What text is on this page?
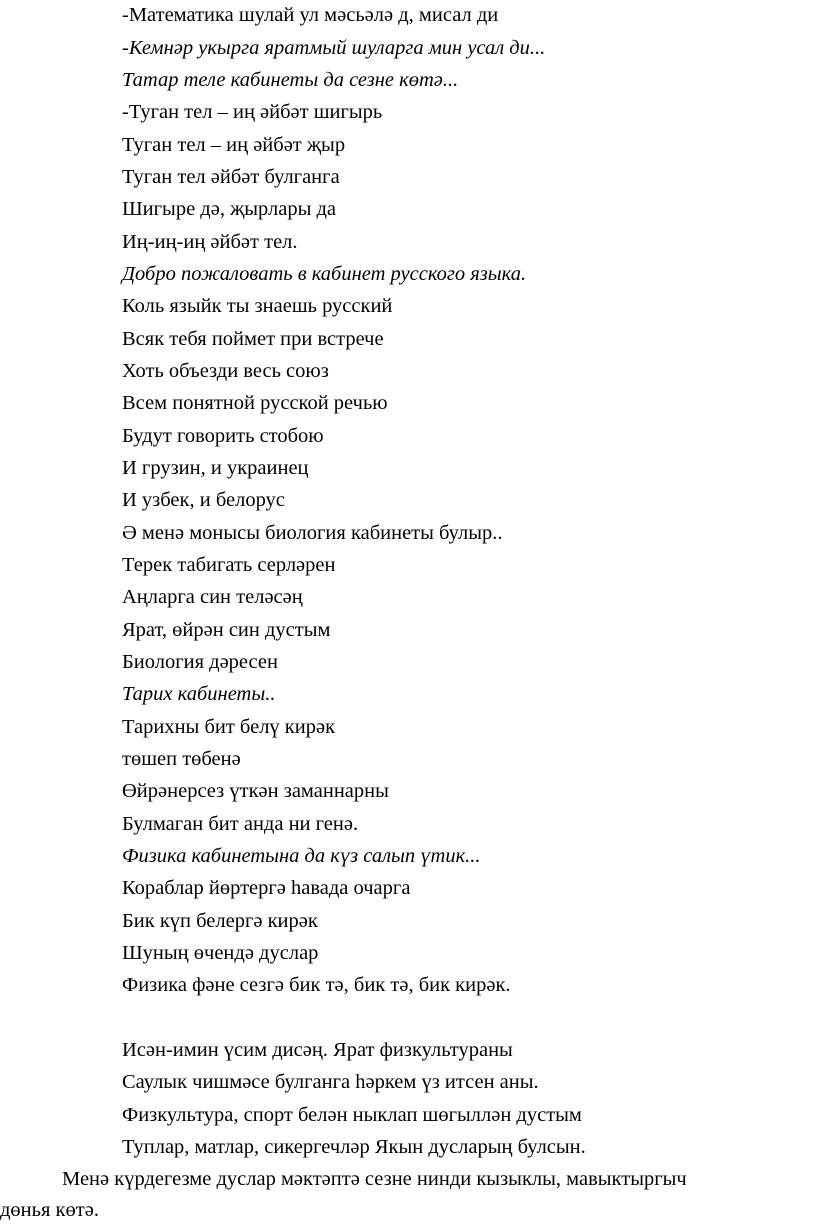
-Математика шулай ул мәсьәлә д, мисал ди
-Кемнәр укырга яратмый шуларга мин усал ди...
Татар теле кабинеты да сезне көтә...
-Туган тел – иң әйбәт шигырь
Туган тел – иң әйбәт җыр
Туган тел әйбәт булганга
Шигыре дә, җырлары да
Иң-иң-иң әйбәт тел.
Добро пожаловать в кабинет русского языка.
Коль языйк ты знаешь русский
Всяк тебя поймет при встрече
Хоть объезди весь союз
Всем понятной русской речью
Будут говорить стобою
И грузин, и украинец
И узбек, и белорус
Ә менә монысы биология кабинеты булыр..
Терек табигать серләрен
Аңларга син теләсәң
Ярат, өйрән син дустым
Биология дәресен
Тарих кабинеты..
Тарихны бит белү кирәк
төшеп төбенә
Өйрәнерсез үткән заманнарны
Булмаган бит анда ни генә.
Физика кабинетына да күз салып үтик...
Кораблар йөртергә һавада очарга
Бик күп белергә кирәк
Шуның өчендә дуслар
Физика фәне сезгә бик тә, бик тә, бик кирәк.
Исән-имин үсим дисәң. Ярат физкультураны
Саулык чишмәсе булганга һәркем үз итсен аны.
Физкультура, спорт белән ныклап шөгыллән дустым
Туплар, матлар, сикергечләр Якын дусларың булсын.
Менә күрдегезме дуслар мәктәптә сезне нинди кызыклы, мавыктыргыч
дөнья көтә.
